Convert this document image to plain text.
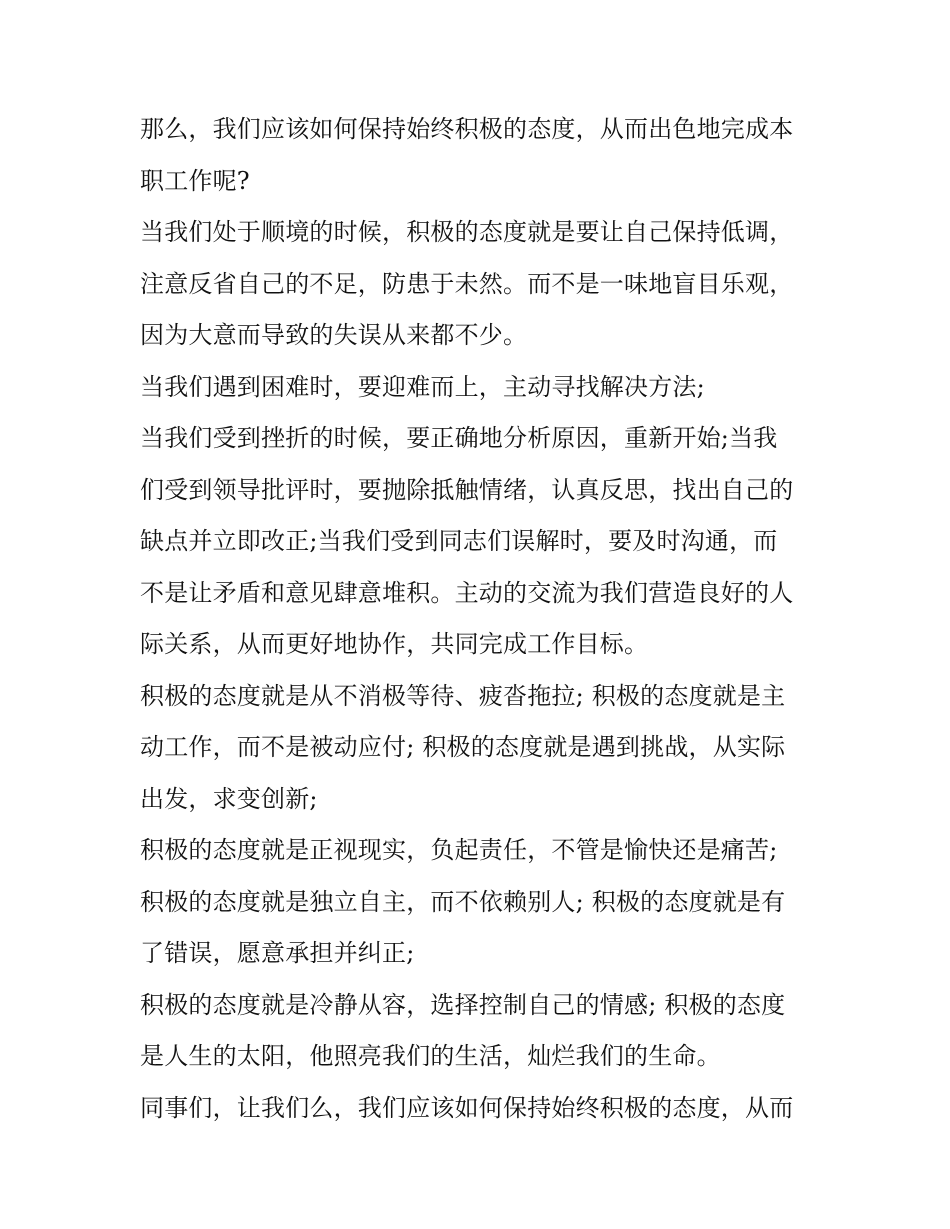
那么，我们应该如何保持始终积极的态度，从而出色地完成本
职工作呢?
当我们处于顺境的时候，积极的态度就是要让自己保持低调，
注意反省自己的不足，防患于未然。而不是一味地盲目乐观，
因为大意而导致的失误从来都不少。
当我们遇到困难时，要迎难而上，主动寻找解决方法;
当我们受到挫折的时候，要正确地分析原因，重新开始;当我
们受到领导批评时，要抛除抵触情绪，认真反思，找出自己的
缺点并立即改正;当我们受到同志们误解时，要及时沟通，而
不是让矛盾和意见肆意堆积。主动的交流为我们营造良好的人
际关系，从而更好地协作，共同完成工作目标。
积极的态度就是从不消极等待、疲沓拖拉; 积极的态度就是主
动工作，而不是被动应付; 积极的态度就是遇到挑战，从实际
出发，求变创新;
积极的态度就是正视现实，负起责任，不管是愉快还是痛苦;
积极的态度就是独立自主，而不依赖别人; 积极的态度就是有
了错误，愿意承担并纠正;
积极的态度就是冷静从容，选择控制自己的情感; 积极的态度
是人生的太阳，他照亮我们的生活，灿烂我们的生命。
同事们，让我们么，我们应该如何保持始终积极的态度，从而
